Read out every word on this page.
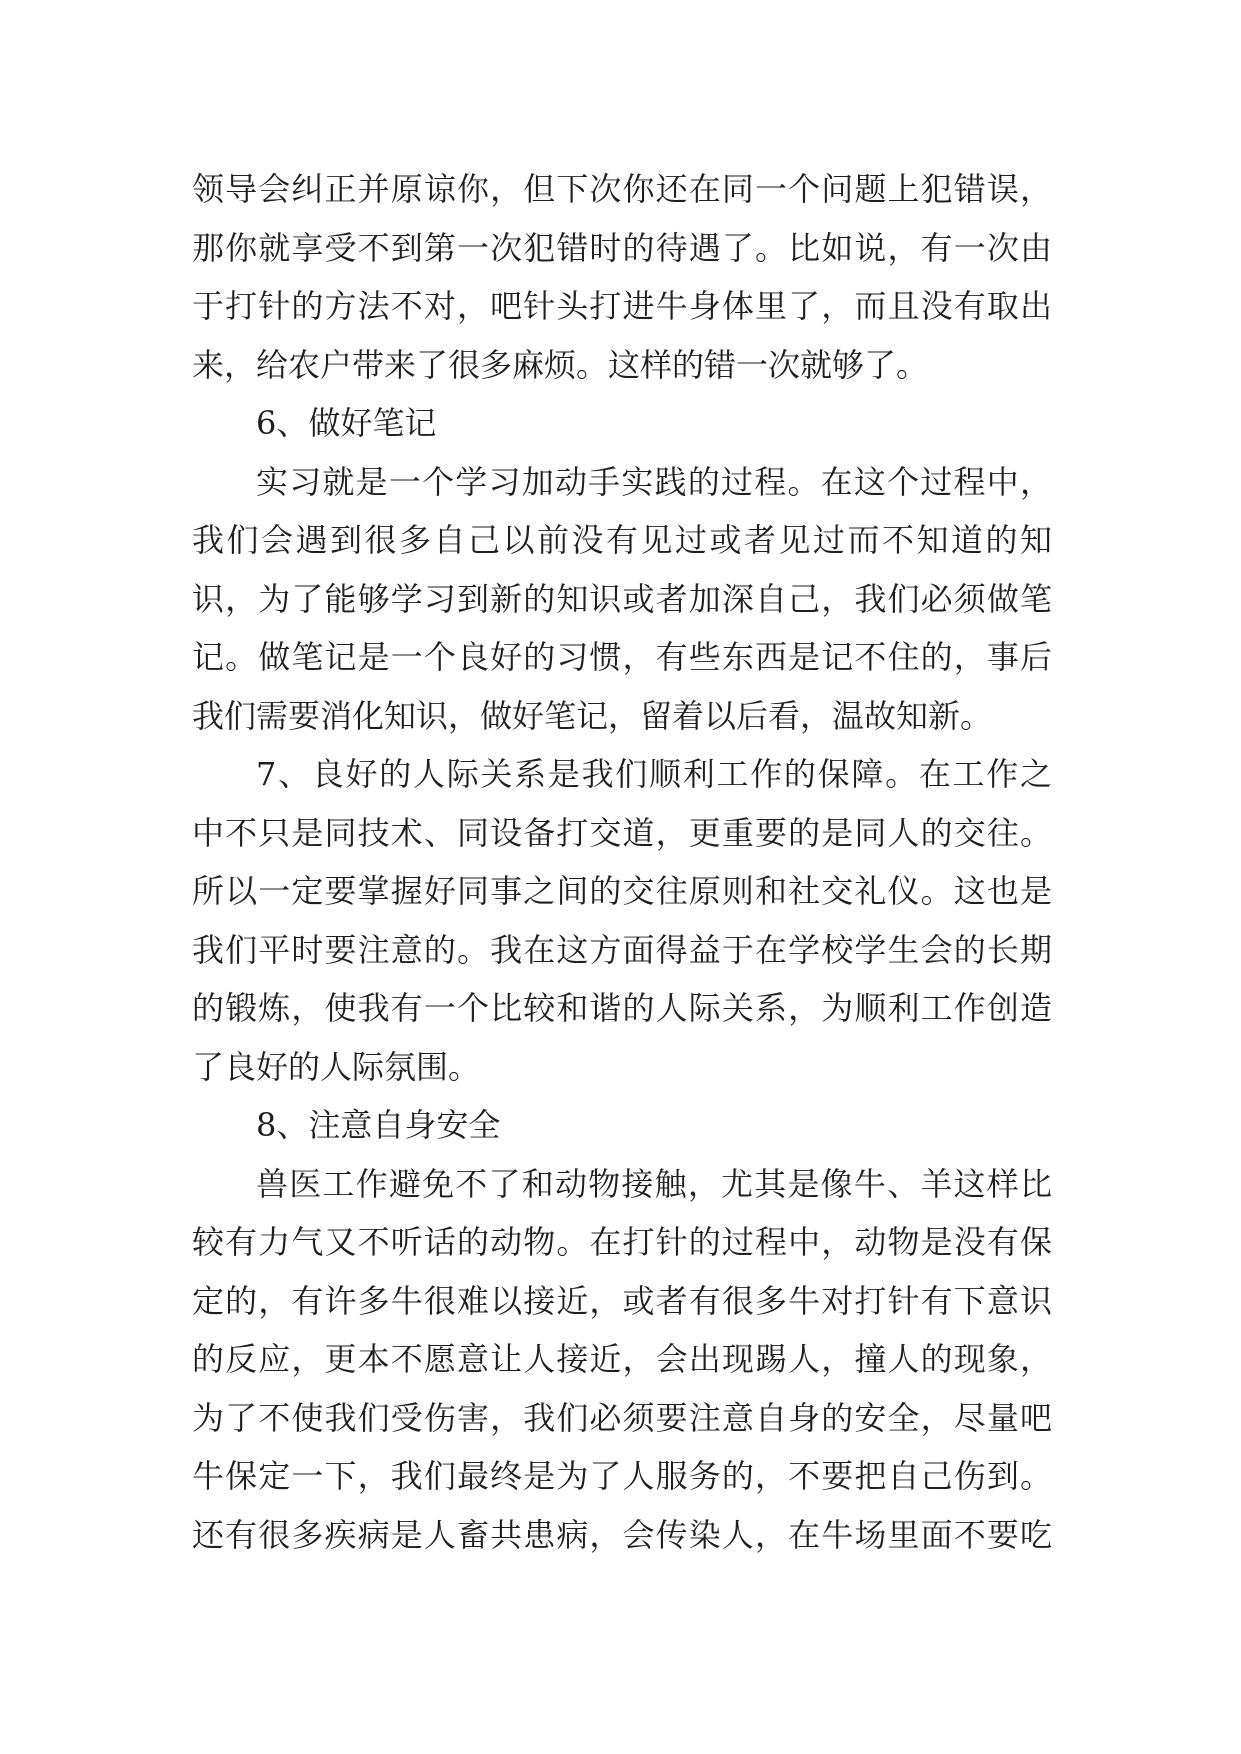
领导会纠正并原谅你，但下次你还在同一个问题上犯错误，
那你就享受不到第一次犯错时的待遇了。比如说，有一次由
于打针的方法不对，吧针头打进牛身体里了，而且没有取出
来，给农户带来了很多麻烦。这样的错一次就够了。
6、做好笔记
实习就是一个学习加动手实践的过程。在这个过程中，
我们会遇到很多自己以前没有见过或者见过而不知道的知
识，为了能够学习到新的知识或者加深自己，我们必须做笔
记。做笔记是一个良好的习惯，有些东西是记不住的，事后
我们需要消化知识，做好笔记，留着以后看，温故知新。
7、良好的人际关系是我们顺利工作的保障。在工作之
中不只是同技术、同设备打交道，更重要的是同人的交往。
所以一定要掌握好同事之间的交往原则和社交礼仪。这也是
我们平时要注意的。我在这方面得益于在学校学生会的长期
的锻炼，使我有一个比较和谐的人际关系，为顺利工作创造
了良好的人际氛围。
8、注意自身安全
兽医工作避免不了和动物接触，尤其是像牛、羊这样比
较有力气又不听话的动物。在打针的过程中，动物是没有保
定的，有许多牛很难以接近，或者有很多牛对打针有下意识
的反应，更本不愿意让人接近，会出现踢人，撞人的现象，
为了不使我们受伤害，我们必须要注意自身的安全，尽量吧
牛保定一下，我们最终是为了人服务的，不要把自己伤到。
还有很多疾病是人畜共患病，会传染人，在牛场里面不要吃
